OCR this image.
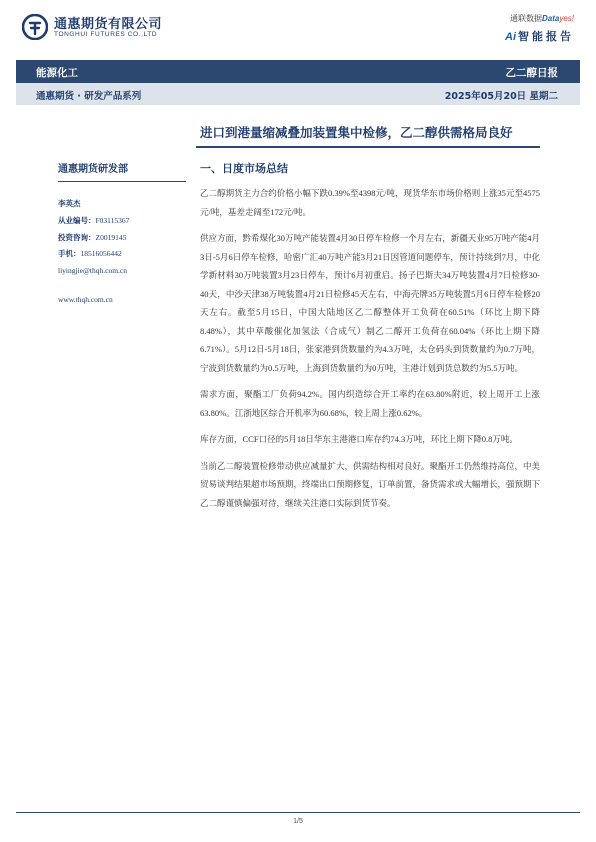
通惠期货有限公司
TONGHUI FUTURES CO.,LTD
通联数据Datayes!
Ai 智能报告
能源化工	乙二醇日报
通惠期货 · 研发产品系列	2025年05月20日 星期二
进口到港量缩减叠加装置集中检修，乙二醇供需格局良好
通惠期货研发部
李英杰
从业编号：F03115367
投资咨询：Z0019145
手机：18516056442
liyingjie@thqh.com.cn
www.thqh.com.cn
一、日度市场总结

乙二醇期货主力合约价格小幅下跌0.39%至4398元/吨，现货华东市场价格则上涨35元至4575元/吨，基差走阔至172元/吨。

供应方面，黔希煤化30万吨产能装置4月30日停车检修一个月左右，新疆天业95万吨产能4月3日-5月6日停车检修，哈密广汇40万吨产能3月21日因管道问题停车，预计持续到7月，中化学新材料30万吨装置3月23日停车，预计6月初重启。扬子巴斯夫34万吨装置4月7日检修30-40天，中沙天津38万吨装置4月21日检修45天左右，中海壳牌35万吨装置5月6日停车检修20天左右。截至5月15日，中国大陆地区乙二醇整体开工负荷在60.51%（环比上期下降8.48%），其中草酸催化加氢法（合成气）制乙二醇开工负荷在60.04%（环比上期下降6.71%）。5月12日-5月18日，张家港到货数量约为4.3万吨，太仓码头到货数量约为0.7万吨，宁波到货数量约为0.5万吨，上海到货数量约为0万吨，主港计划到货总数约为5.5万吨。

需求方面，聚酯工厂负荷94.2%。国内织造综合开工率约在63.80%附近，较上周开工上涨63.80%。江浙地区综合开机率为60.68%，较上周上涨0.62%。

库存方面，CCF口径的5月18日华东主港港口库存约74.3万吨，环比上期下降0.8万吨。

当前乙二醇装置检修带动供应减量扩大，供需结构相对良好。聚酯开工仍然维持高位，中美贸易谈判结果超市场预期，终端出口预期修复，订单前置，备货需求或大幅增长，强预期下乙二醇谨慎偏强对待，继续关注港口实际到货节奏。

1/5
